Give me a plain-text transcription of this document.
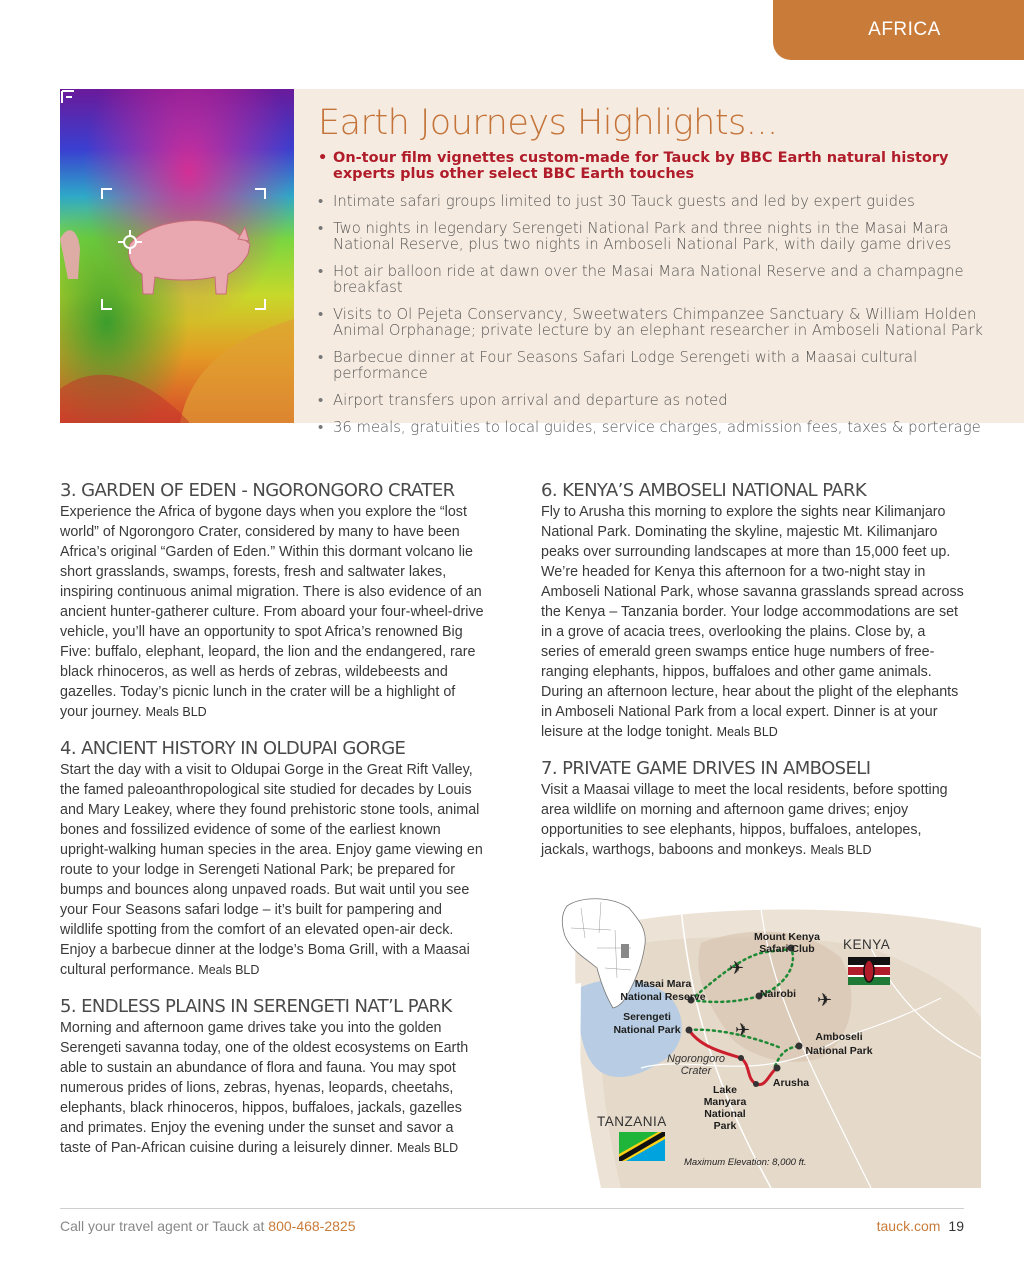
AFRICA
Earth Journeys Highlights...
• On-tour film vignettes custom-made for Tauck by BBC Earth natural history experts plus other select BBC Earth touches
• Intimate safari groups limited to just 30 Tauck guests and led by expert guides
• Two nights in legendary Serengeti National Park and three nights in the Masai Mara National Reserve, plus two nights in Amboseli National Park, with daily game drives
• Hot air balloon ride at dawn over the Masai Mara National Reserve and a champagne breakfast
• Visits to Ol Pejeta Conservancy, Sweetwaters Chimpanzee Sanctuary & William Holden Animal Orphanage; private lecture by an elephant researcher in Amboseli National Park
• Barbecue dinner at Four Seasons Safari Lodge Serengeti with a Maasai cultural performance
• Airport transfers upon arrival and departure as noted
• 36 meals, gratuities to local guides, service charges, admission fees, taxes & porterage
3. GARDEN OF EDEN - NGORONGORO CRATER

Experience the Africa of bygone days when you explore the “lost world” of Ngorongoro Crater, considered by many to have been Africa’s original “Garden of Eden.” Within this dormant volcano lie short grasslands, swamps, forests, fresh and saltwater lakes, inspiring continuous animal migration. There is also evidence of an ancient hunter-gatherer culture. From aboard your four-wheel-drive vehicle, you’ll have an opportunity to spot Africa’s renowned Big Five: buffalo, elephant, leopard, the lion and the endangered, rare black rhinoceros, as well as herds of zebras, wildebeests and gazelles. Today’s picnic lunch in the crater will be a highlight of your journey. Meals BLD

4. ANCIENT HISTORY IN OLDUPAI GORGE

Start the day with a visit to Oldupai Gorge in the Great Rift Valley, the famed paleoanthropological site studied for decades by Louis and Mary Leakey, where they found prehistoric stone tools, animal bones and fossilized evidence of some of the earliest known upright-walking human species in the area. Enjoy game viewing en route to your lodge in Serengeti National Park; be prepared for bumps and bounces along unpaved roads. But wait until you see your Four Seasons safari lodge – it’s built for pampering and wildlife spotting from the comfort of an elevated open-air deck. Enjoy a barbecue dinner at the lodge’s Boma Grill, with a Maasai cultural performance. Meals BLD

5. ENDLESS PLAINS IN SERENGETI NAT’L PARK

Morning and afternoon game drives take you into the golden Serengeti savanna today, one of the oldest ecosystems on Earth able to sustain an abundance of flora and fauna. You may spot numerous prides of lions, zebras, hyenas, leopards, cheetahs, elephants, black rhinoceros, hippos, buffaloes, jackals, gazelles and primates. Enjoy the evening under the sunset and savor a taste of Pan-African cuisine during a leisurely dinner. Meals BLD

6. KENYA’S AMBOSELI NATIONAL PARK

Fly to Arusha this morning to explore the sights near Kilimanjaro National Park. Dominating the skyline, majestic Mt. Kilimanjaro peaks over surrounding landscapes at more than 15,000 feet up. We’re headed for Kenya this afternoon for a two-night stay in Amboseli National Park, whose savanna grasslands spread across the Kenya – Tanzania border. Your lodge accommodations are set in a grove of acacia trees, overlooking the plains. Close by, a series of emerald green swamps entice huge numbers of free-ranging elephants, hippos, buffaloes and other game animals. During an afternoon lecture, hear about the plight of the elephants in Amboseli National Park from a local expert. Dinner is at your leisure at the lodge tonight. Meals BLD

7. PRIVATE GAME DRIVES IN AMBOSELI

Visit a Maasai village to meet the local residents, before spotting area wildlife on morning and afternoon game drives; enjoy opportunities to see elephants, hippos, buffaloes, antelopes, jackals, warthogs, baboons and monkeys. Meals BLD

✈
✈
✈
Mount Kenya
Safari Club
Masai Mara
National Reserve	Nairobi
Serengeti
National Park
Amboseli
National Park
Arusha
Lake
Manyara
National
Park
Ngorongoro
Crater
KENYA
TANZANIA
Maximum Elevation: 8,000 ft.
Call your travel agent or Tauck at 800-468-2825	tauck.com 19
